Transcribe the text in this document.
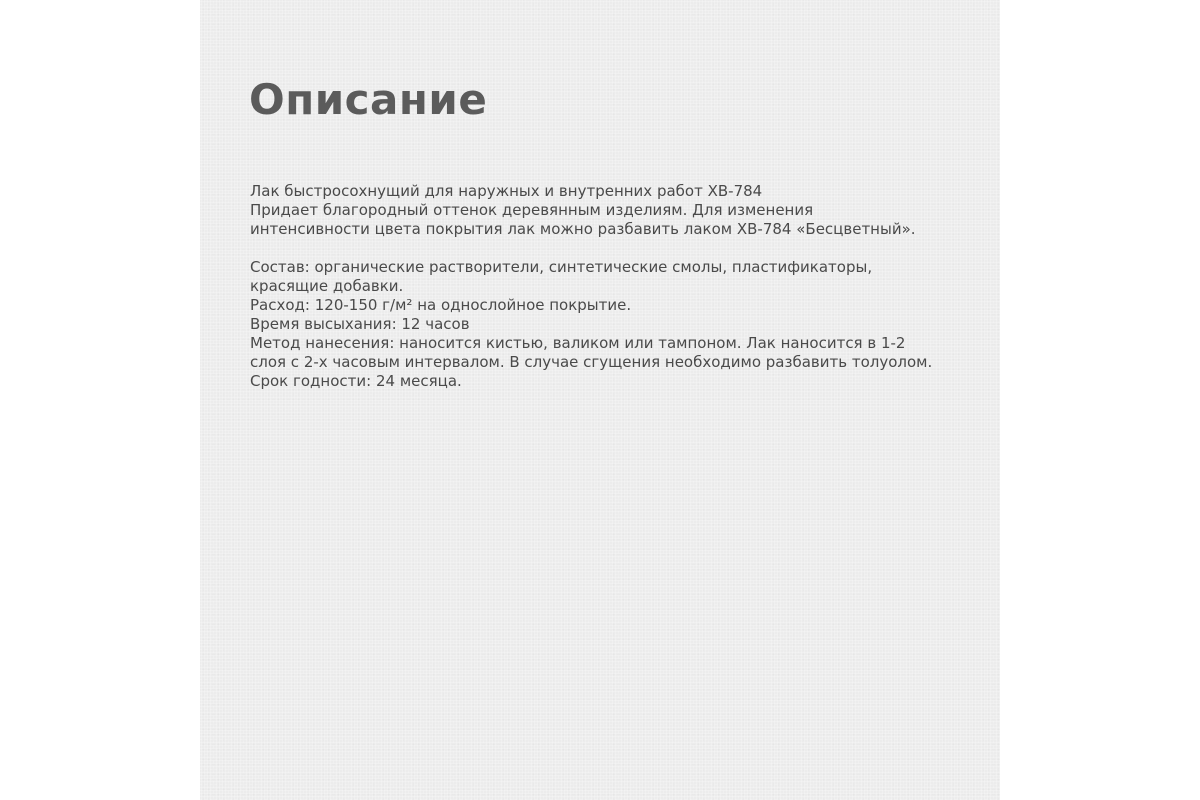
Описание
Лак быстросохнущий для наружных и внутренних работ ХВ-784
Придает благородный оттенок деревянным изделиям. Для изменения
интенсивности цвета покрытия лак можно разбавить лаком ХВ-784 «Бесцветный».
Состав: органические растворители, синтетические смолы, пластификаторы,
красящие добавки.
Расход: 120-150 г/м² на однослойное покрытие.
Время высыхания: 12 часов
Метод нанесения: наносится кистью, валиком или тампоном. Лак наносится в 1-2
слоя с 2-х часовым интервалом. В случае сгущения необходимо разбавить толуолом.
Срок годности: 24 месяца.
